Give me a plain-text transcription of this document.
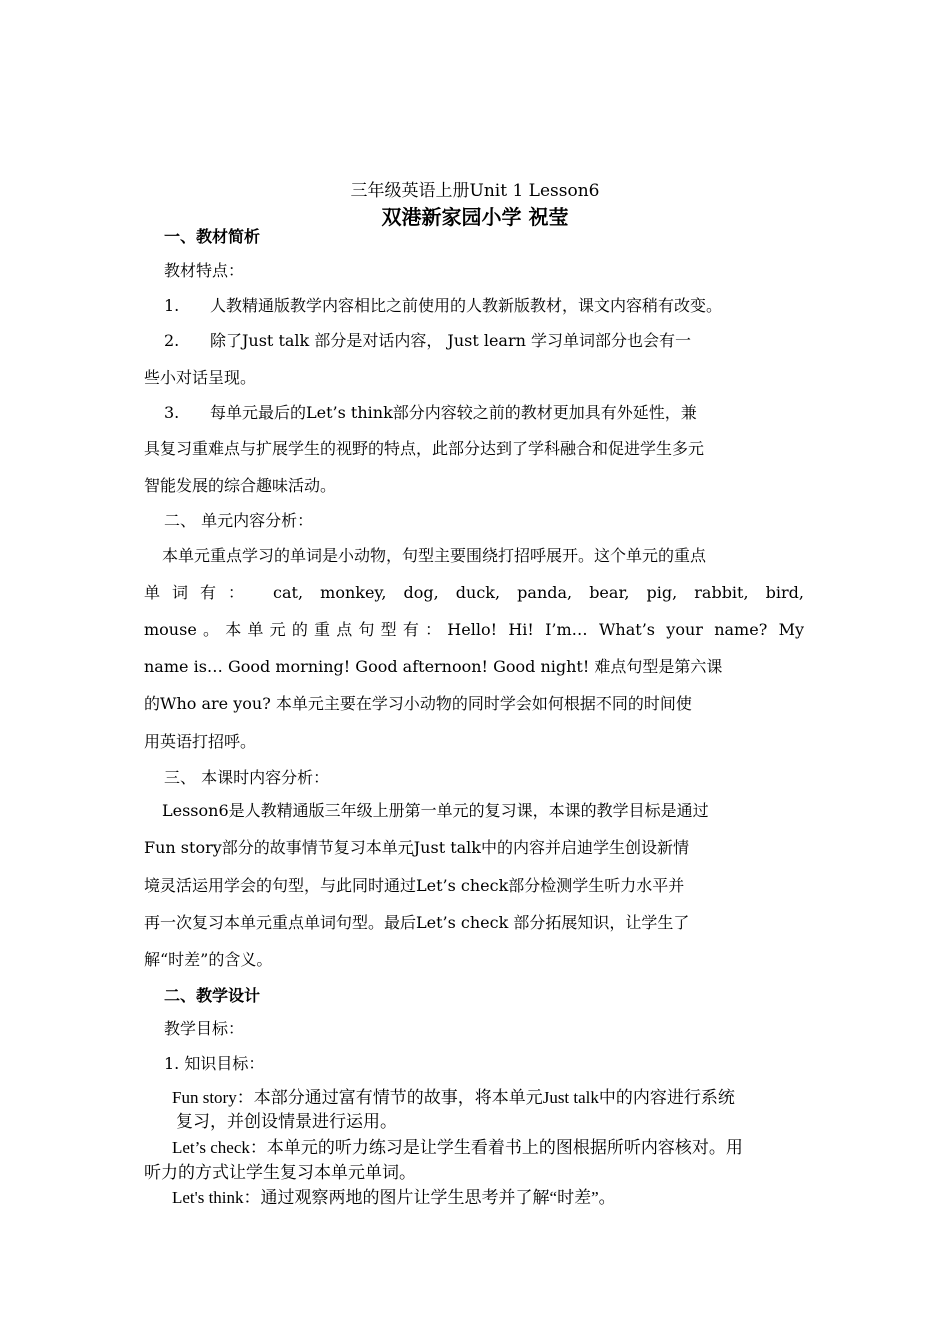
三年级英语上册Unit 1 Lesson6
双港新家园小学 祝莹
一、教材简析
教材特点：
1. 人教精通版教学内容相比之前使用的人教新版教材，课文内容稍有改变。
2. 除了Just talk 部分是对话内容， Just learn 学习单词部分也会有一
些小对话呈现。
3. 每单元最后的Let’s think部分内容较之前的教材更加具有外延性，兼
具复习重难点与扩展学生的视野的特点，此部分达到了学科融合和促进学生多元
智能发展的综合趣味活动。
二、 单元内容分析：
本单元重点学习的单词是小动物，句型主要围绕打招呼展开。这个单元的重点
单词有： cat, monkey, dog, duck, panda, bear, pig, rabbit, bird,
mouse。本单元的重点句型有：Hello! Hi! I’m… What’s your name? My
name is… Good morning! Good afternoon! Good night! 难点句型是第六课
的Who are you? 本单元主要在学习小动物的同时学会如何根据不同的时间使
用英语打招呼。
三、 本课时内容分析：
Lesson6是人教精通版三年级上册第一单元的复习课，本课的教学目标是通过
Fun story部分的故事情节复习本单元Just talk中的内容并启迪学生创设新情
境灵活运用学会的句型，与此同时通过Let’s check部分检测学生听力水平并
再一次复习本单元重点单词句型。最后Let’s check 部分拓展知识，让学生了
解“时差”的含义。
二、教学设计
教学目标：
1. 知识目标：
Fun story：本部分通过富有情节的故事，将本单元Just talk中的内容进行系统
复习，并创设情景进行运用。
Let’s check：本单元的听力练习是让学生看着书上的图根据所听内容核对。用
听力的方式让学生复习本单元单词。
Let's think：通过观察两地的图片让学生思考并了解“时差”。
